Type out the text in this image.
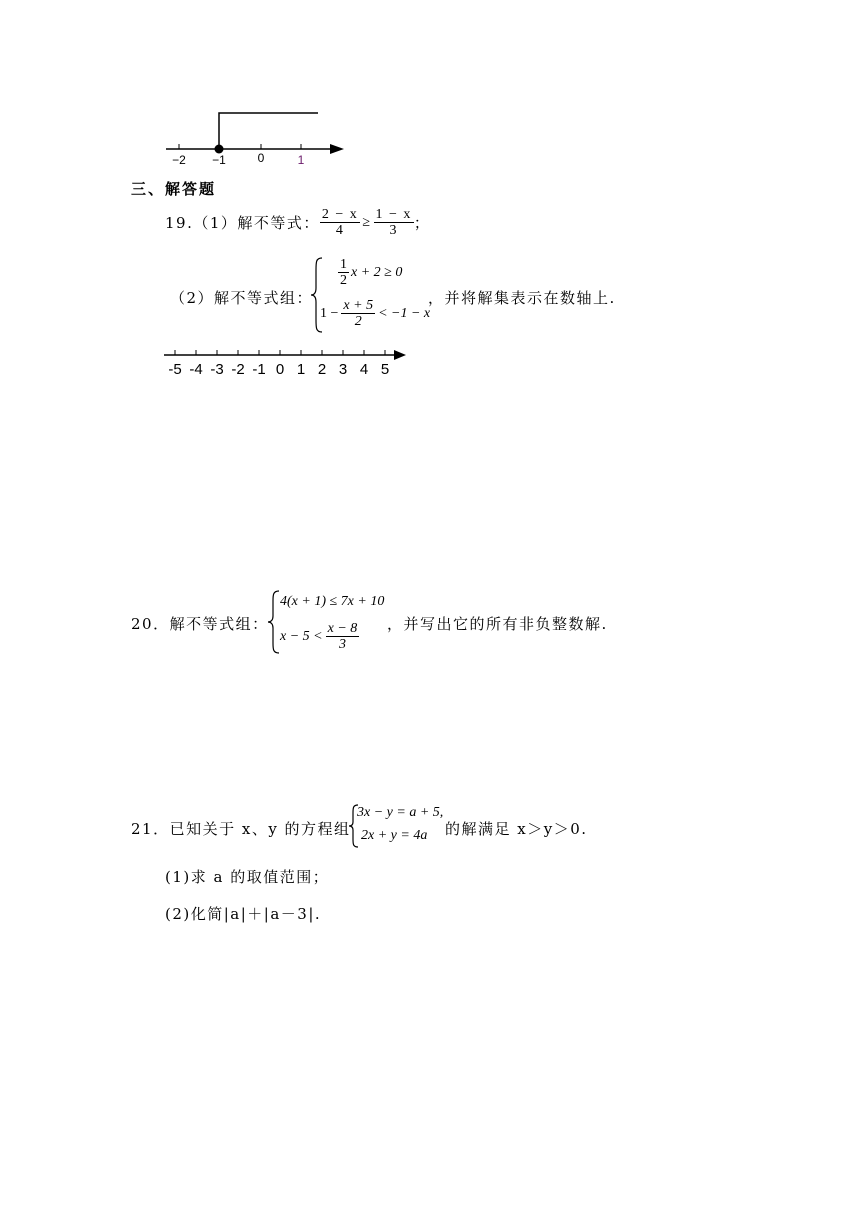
−2 −1	0	1
三、解答题
19.（1）解不等式： $\frac{2 - x}{4} \ge \frac{1 - x}{3}$ ；
（2）解不等式组：
$\frac{1}{2}$ x + 2 ≥ 0
$1 - \frac{x + 5}{2} < -1 - x$
，并将解集表示在数轴上.
-5 -4 -3 -2 -1 0 1 2 3 4 5
20．解不等式组：
4(x + 1) ≤ 7x + 10
$x - 5 < \frac{x - 8}{3}$ ，并写出它的所有非负整数解.
21．已知关于 x、y 的方程组
3x − y = a + 5,
2x + y = 4a 的解满足 x＞y＞0.
(1)求 a 的取值范围；
(2)化简|a|＋|a－3|.
